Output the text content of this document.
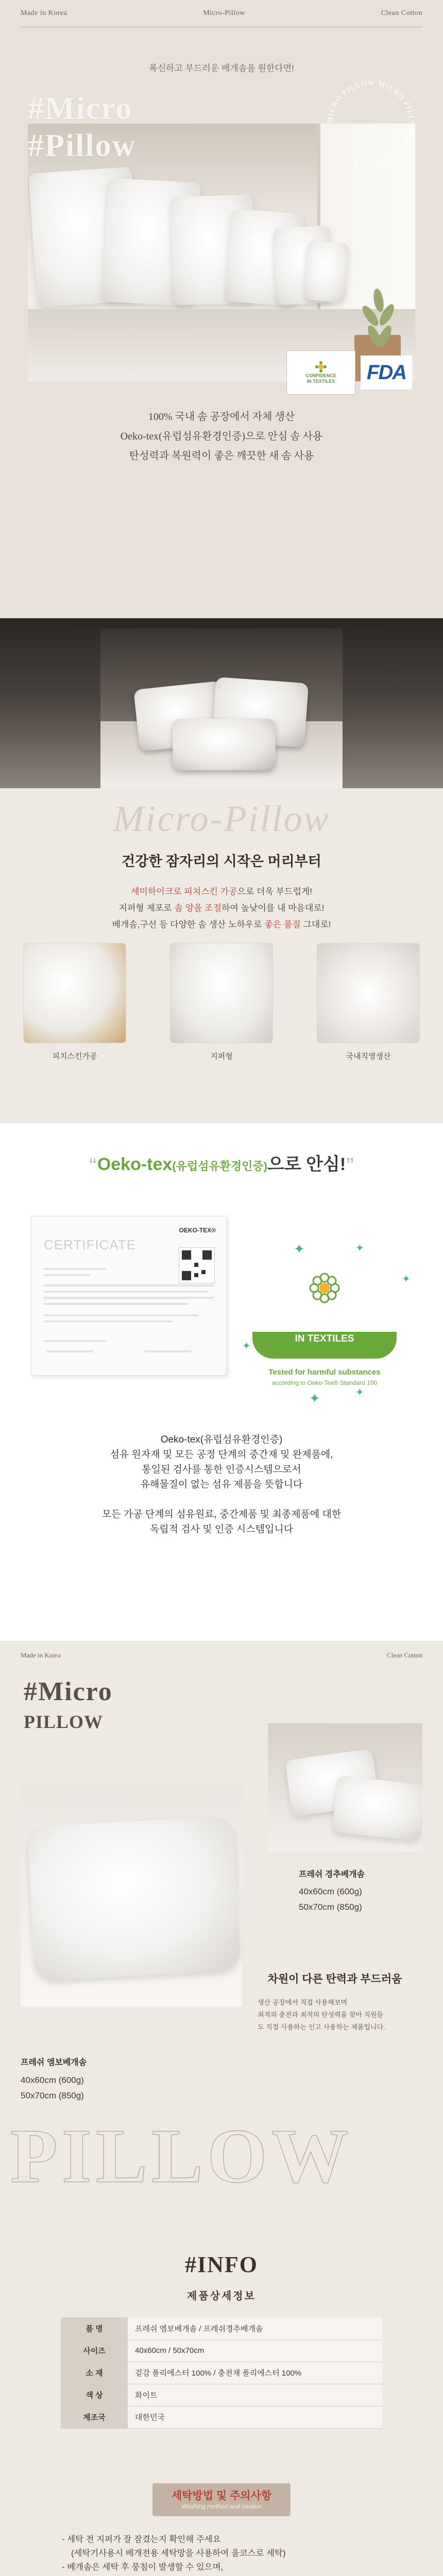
Made in Korea	Micro-Pillow	Clean Cotton
폭신하고 부드러운 베개솜을 원한다면!
#Micro
#Pillow
MICRO PILLOW MICRO PILLOW MICRO PILLOW
CONFIDENCE
IN TEXTILES FDA
100% 국내 솜 공장에서 자체 생산
Oeko-tex(유럽섬유환경인증)으로 안심 솜 사용
탄성력과 복원력이 좋은 깨끗한 새 솜 사용
Micro-Pillow
건강한 잠자리의 시작은 머리부터
세미하이크로 피치스킨 가공으로 더욱 부드럽게!
지퍼형 제포로 솜 양을 조절하여 높낮이를 내 마음대로!
베개솜,구선 등 다양한 솜 생산 노하우로 좋은 품질 그대로!
피치스킨가공	지퍼형	국내직영생산
“Oeko-tex(유럽섬유환경인증)으로 안심!”
OEKO-TEX®
CERTIFICATE
CONFIDENCE
IN TEXTILES
Tested for harmful substances
according to Oeko-Tex® Standard 100
✦	✦
✦
✦
✦	✦
Oeko-tex(유럽섬유환경인증)
섬유 원자재 및 모든 공정 단계의 중간재 및 완제품에,
통일된 검사를 통한 인증시스템으로서
유해물질이 없는 섬유 제품을 뜻합니다
모든 가공 단계의 섬유원료, 중간제품 및 최종제품에 대한
독립적 검사 및 인증 시스템입니다
Made in Korea	Clean Cotton
#Micro
PILLOW
프레쉬 경추베개솜
40x60cm (600g)
50x70cm (850g)
프레쉬 엠보베개솜
40x60cm (600g)
50x70cm (850g)
차원이 다른 탄력과 부드러움
생산 공장에서 직접 사용해보며
최적의 충전과 최적의 탄성력을 찾아 직원들
도 직접 사용하는 인고 사용하는 제품입니다.
PILLOW
#INFO
제품상세정보
품 명	프레쉬 엠보베개솜 / 프레쉬경추베개솜
사이즈	40x60cm / 50x70cm
소 재	겉감 폴리에스터 100% / 충전재 폴리에스터 100%
색 상	화이트
제조국	대한민국
세탁방법 및 주의사항
Washing method and caution
- 세탁 전 지퍼가 잘 잠겼는지 확인해 주세요
(세탁기사용시 베개전용 세탁망을 사용하여 울코스로 세탁)
- 베개솜은 세탁 후 뭉침이 발생할 수 있으며,
